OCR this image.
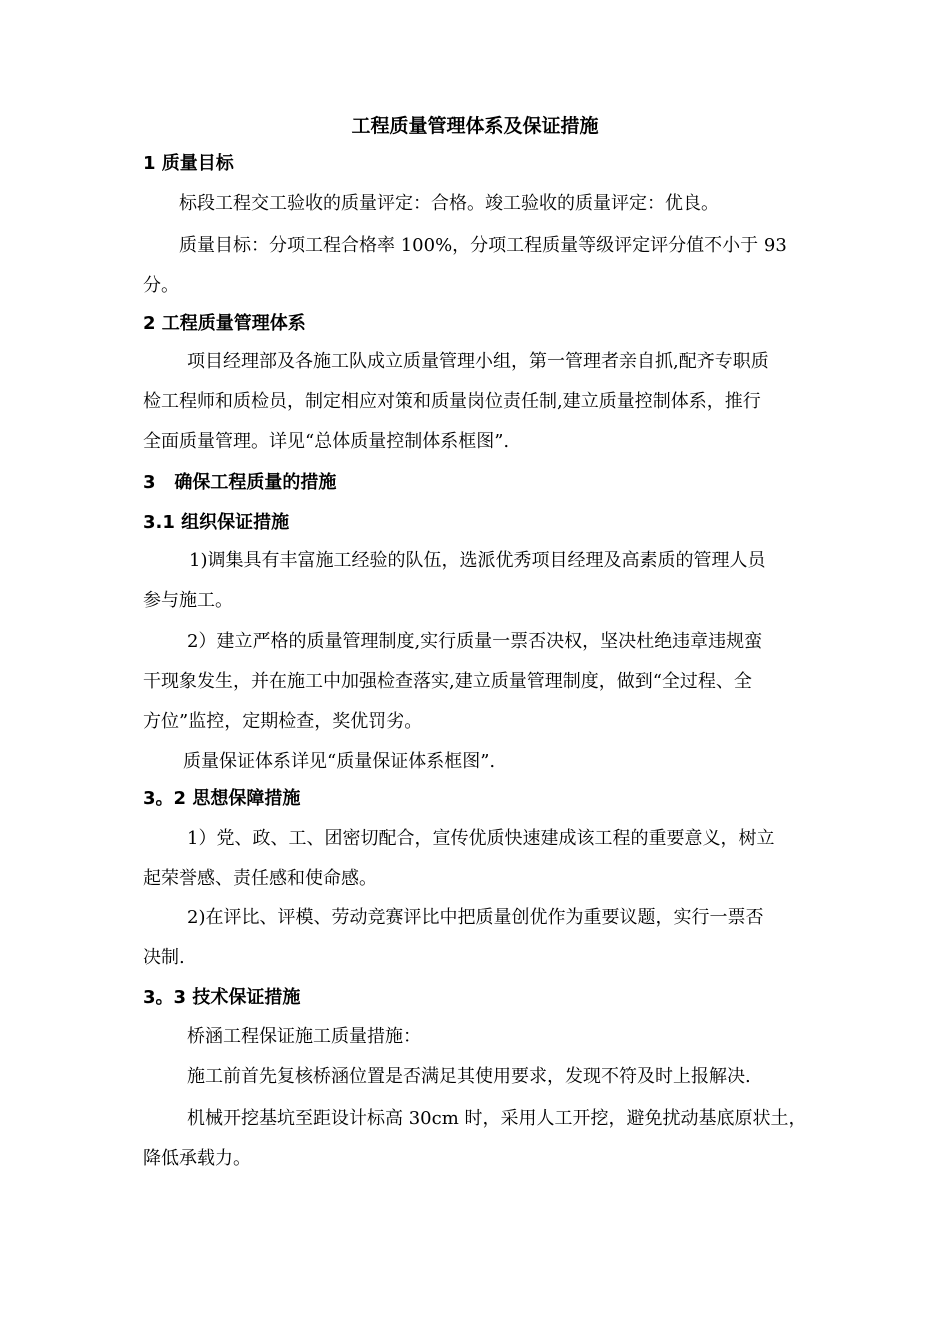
工程质量管理体系及保证措施
1 质量目标
标段工程交工验收的质量评定：合格。竣工验收的质量评定：优良。
质量目标：分项工程合格率 100%，分项工程质量等级评定评分值不小于 93
分。
2 工程质量管理体系
项目经理部及各施工队成立质量管理小组，第一管理者亲自抓,配齐专职质
检工程师和质检员，制定相应对策和质量岗位责任制,建立质量控制体系，推行
全面质量管理。详见“总体质量控制体系框图”.
3   确保工程质量的措施
3.1 组织保证措施
1)调集具有丰富施工经验的队伍，选派优秀项目经理及高素质的管理人员
参与施工。
2）建立严格的质量管理制度,实行质量一票否决权，坚决杜绝违章违规蛮
干现象发生，并在施工中加强检查落实,建立质量管理制度，做到“全过程、全
方位”监控，定期检查，奖优罚劣。
质量保证体系详见“质量保证体系框图”.
3。2 思想保障措施
1）党、政、工、团密切配合，宣传优质快速建成该工程的重要意义，树立
起荣誉感、责任感和使命感。
2)在评比、评模、劳动竞赛评比中把质量创优作为重要议题，实行一票否
决制.
3。3 技术保证措施
桥涵工程保证施工质量措施：
施工前首先复核桥涵位置是否满足其使用要求，发现不符及时上报解决.
机械开挖基坑至距设计标高 30cm 时，采用人工开挖，避免扰动基底原状土，
降低承载力。
